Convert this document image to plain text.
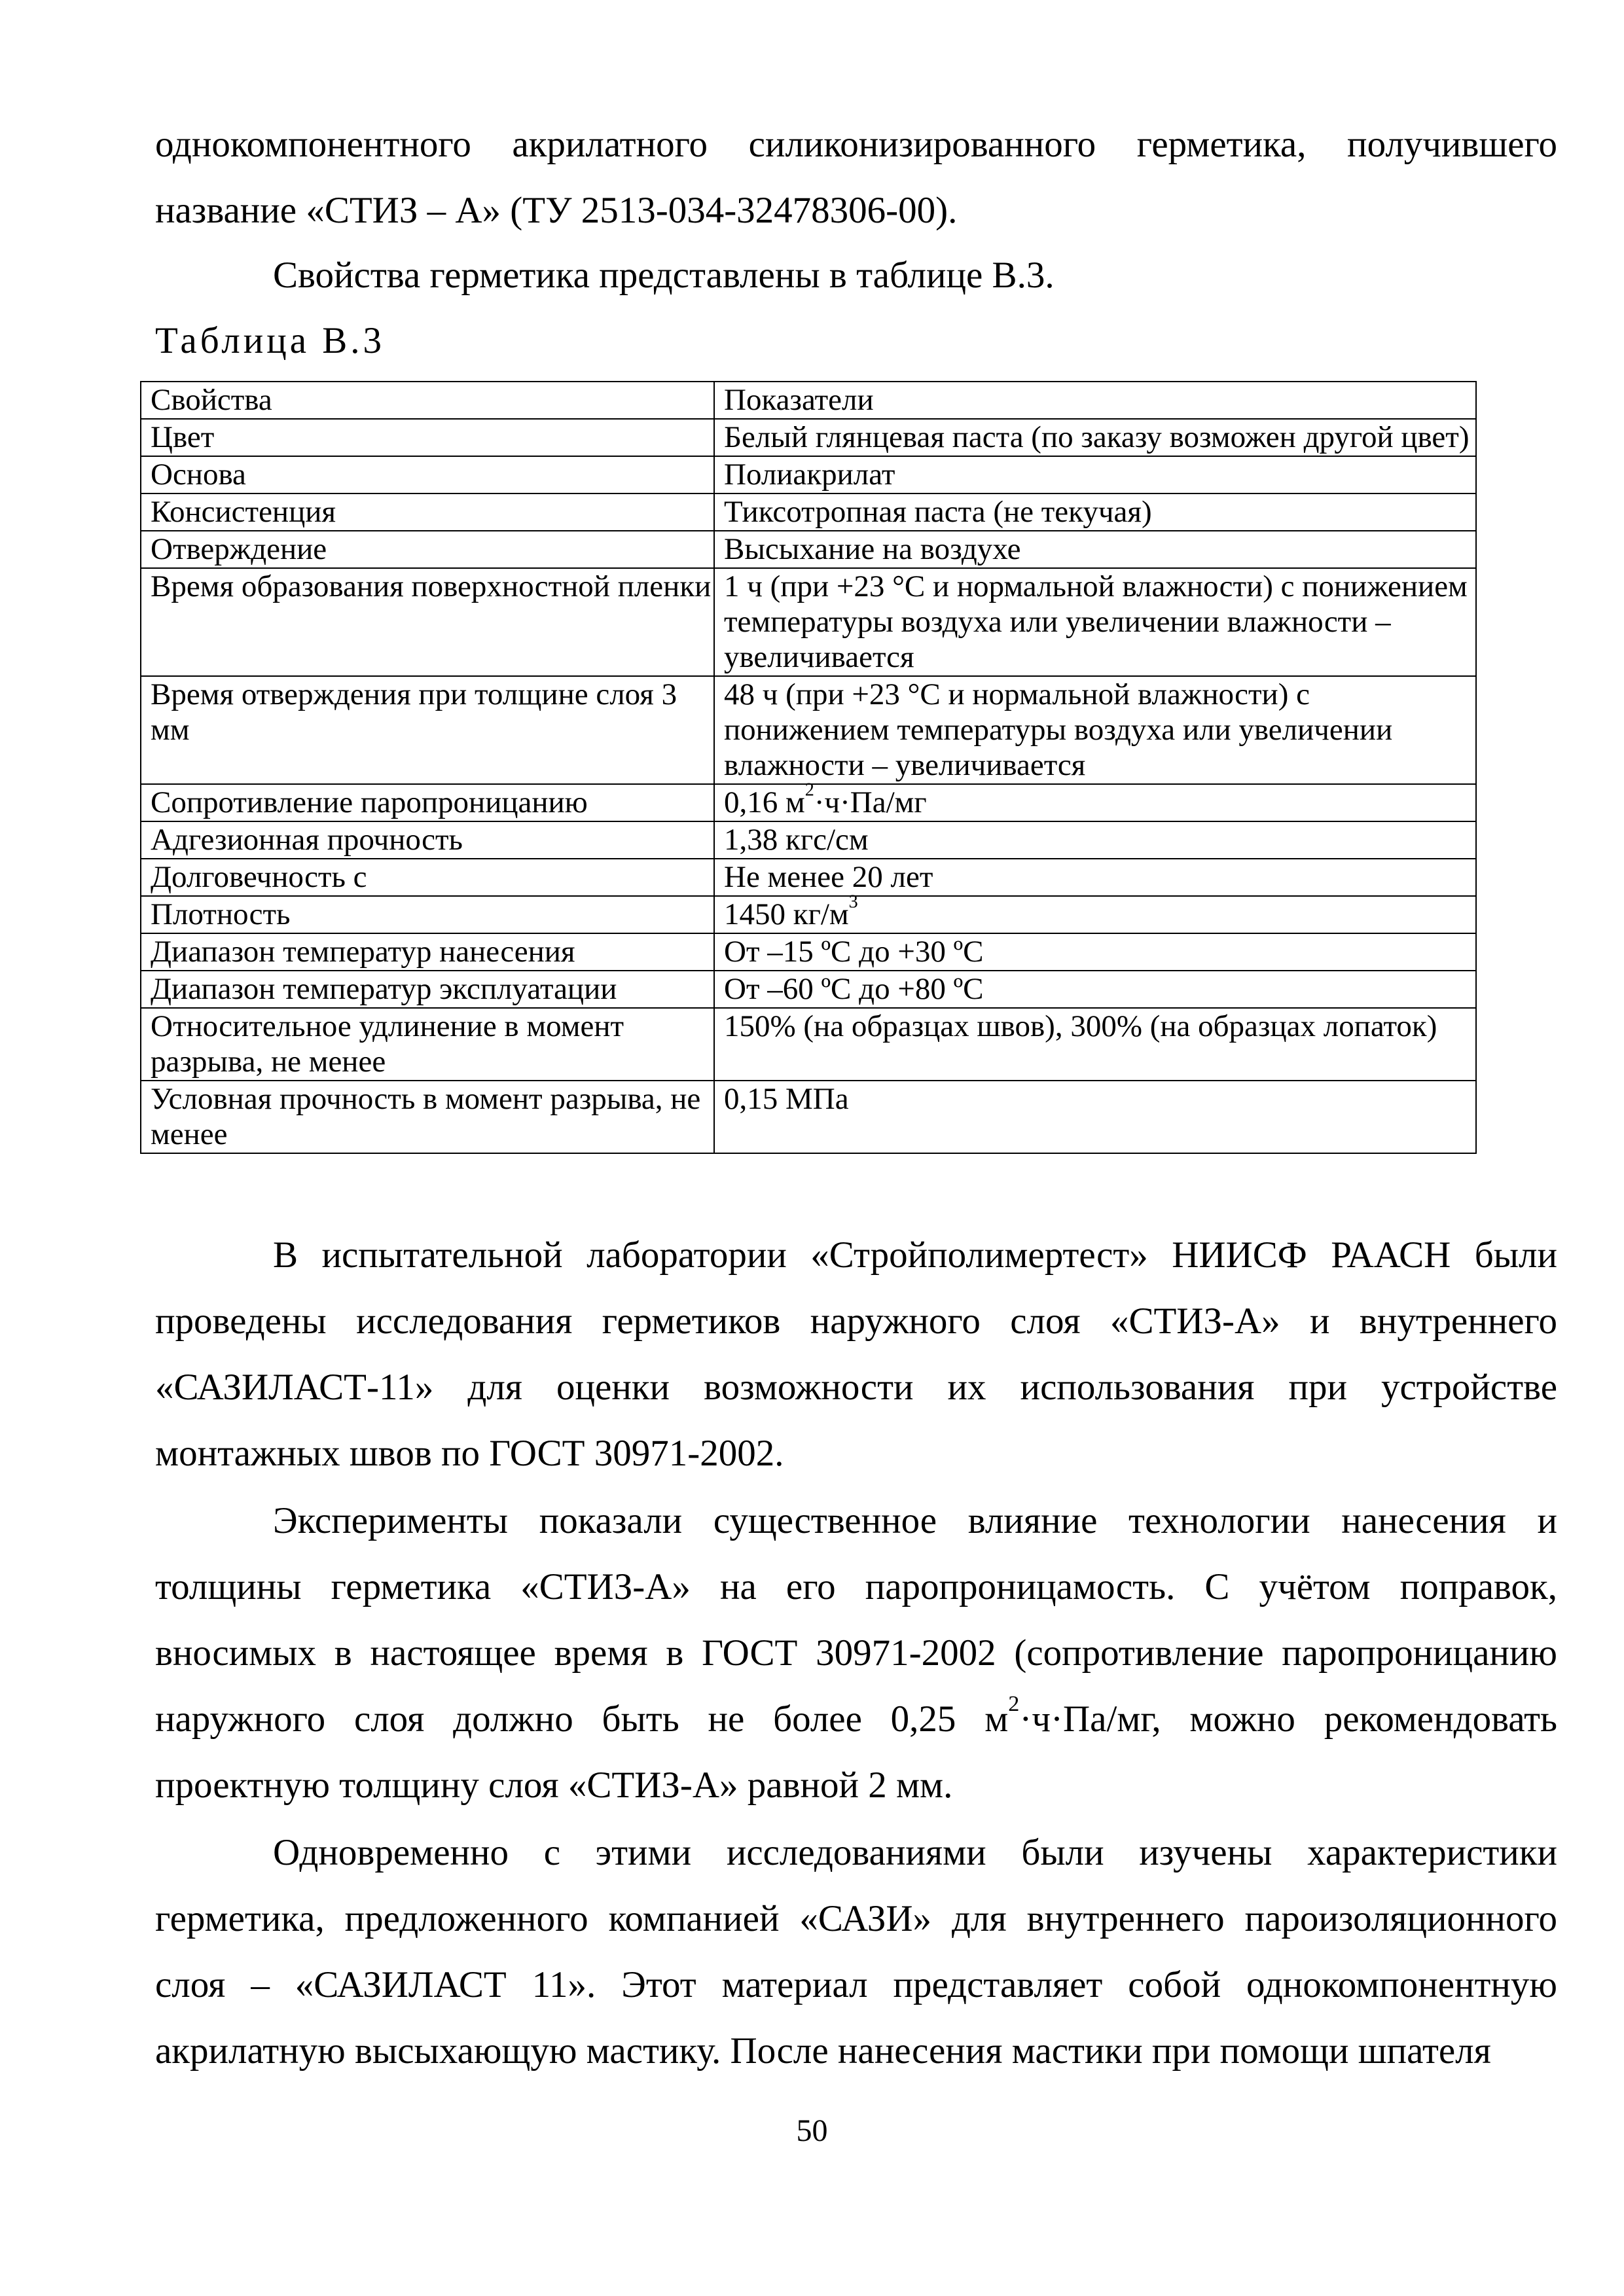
однокомпонентного акрилатного силиконизированного герметика, получившего название «СТИЗ – А» (ТУ 2513-034-32478306-00).

Свойства герметика представлены в таблице В.3.

Таблица В.3

Свойства	Показатели
Цвет	Белый глянцевая паста (по заказу возможен другой цвет)
Основа	Полиакрилат
Консистенция	Тиксотропная паста (не текучая)
Отверждение	Высыхание на воздухе
Время образования поверхностной пленки	1 ч (при +23 °С и нормальной влажности) с понижением температуры воздуха или увеличении влажности – увеличивается
Время отверждения при толщине слоя 3 мм	48 ч (при +23 °С и нормальной влажности) с понижением температуры воздуха или увеличении влажности – увеличивается
Сопротивление паропроницанию	0,16 $м^2\cdot ч\cdot Па/мг$
Адгезионная прочность	1,38 кгс/см
Долговечность с	Не менее 20 лет
Плотность	1450 $кг/м^3$
Диапазон температур нанесения	От –15 ºС до +30 ºС
Диапазон температур эксплуатации	От –60 ºС до +80 ºС
Относительное удлинение в момент разрыва, не менее	150% (на образцах швов), 300% (на образцах лопаток)
Условная прочность в момент разрыва, не менее	0,15 МПа

В испытательной лаборатории «Стройполимертест» НИИСФ РААСН были проведены исследования герметиков наружного слоя «СТИЗ-А» и внутреннего «САЗИЛАСТ-11» для оценки возможности их использования при устройстве монтажных швов по ГОСТ 30971-2002.

Эксперименты показали существенное влияние технологии нанесения и толщины герметика «СТИЗ-А» на его паропроницамость. С учётом поправок, вносимых в настоящее время в ГОСТ 30971-2002 (сопротивление паропроницанию наружного слоя должно быть не более 0,25 $м^2\cdot ч\cdot Па/мг$, можно рекомендовать проектную толщину слоя «СТИЗ-А» равной 2 мм.

Одновременно с этими исследованиями были изучены характеристики герметика, предложенного компанией «САЗИ» для внутреннего пароизоляционного слоя – «САЗИЛАСТ 11». Этот материал представляет собой однокомпонентную акрилатную высыхающую мастику. После нанесения мастики при помощи шпателя

50
